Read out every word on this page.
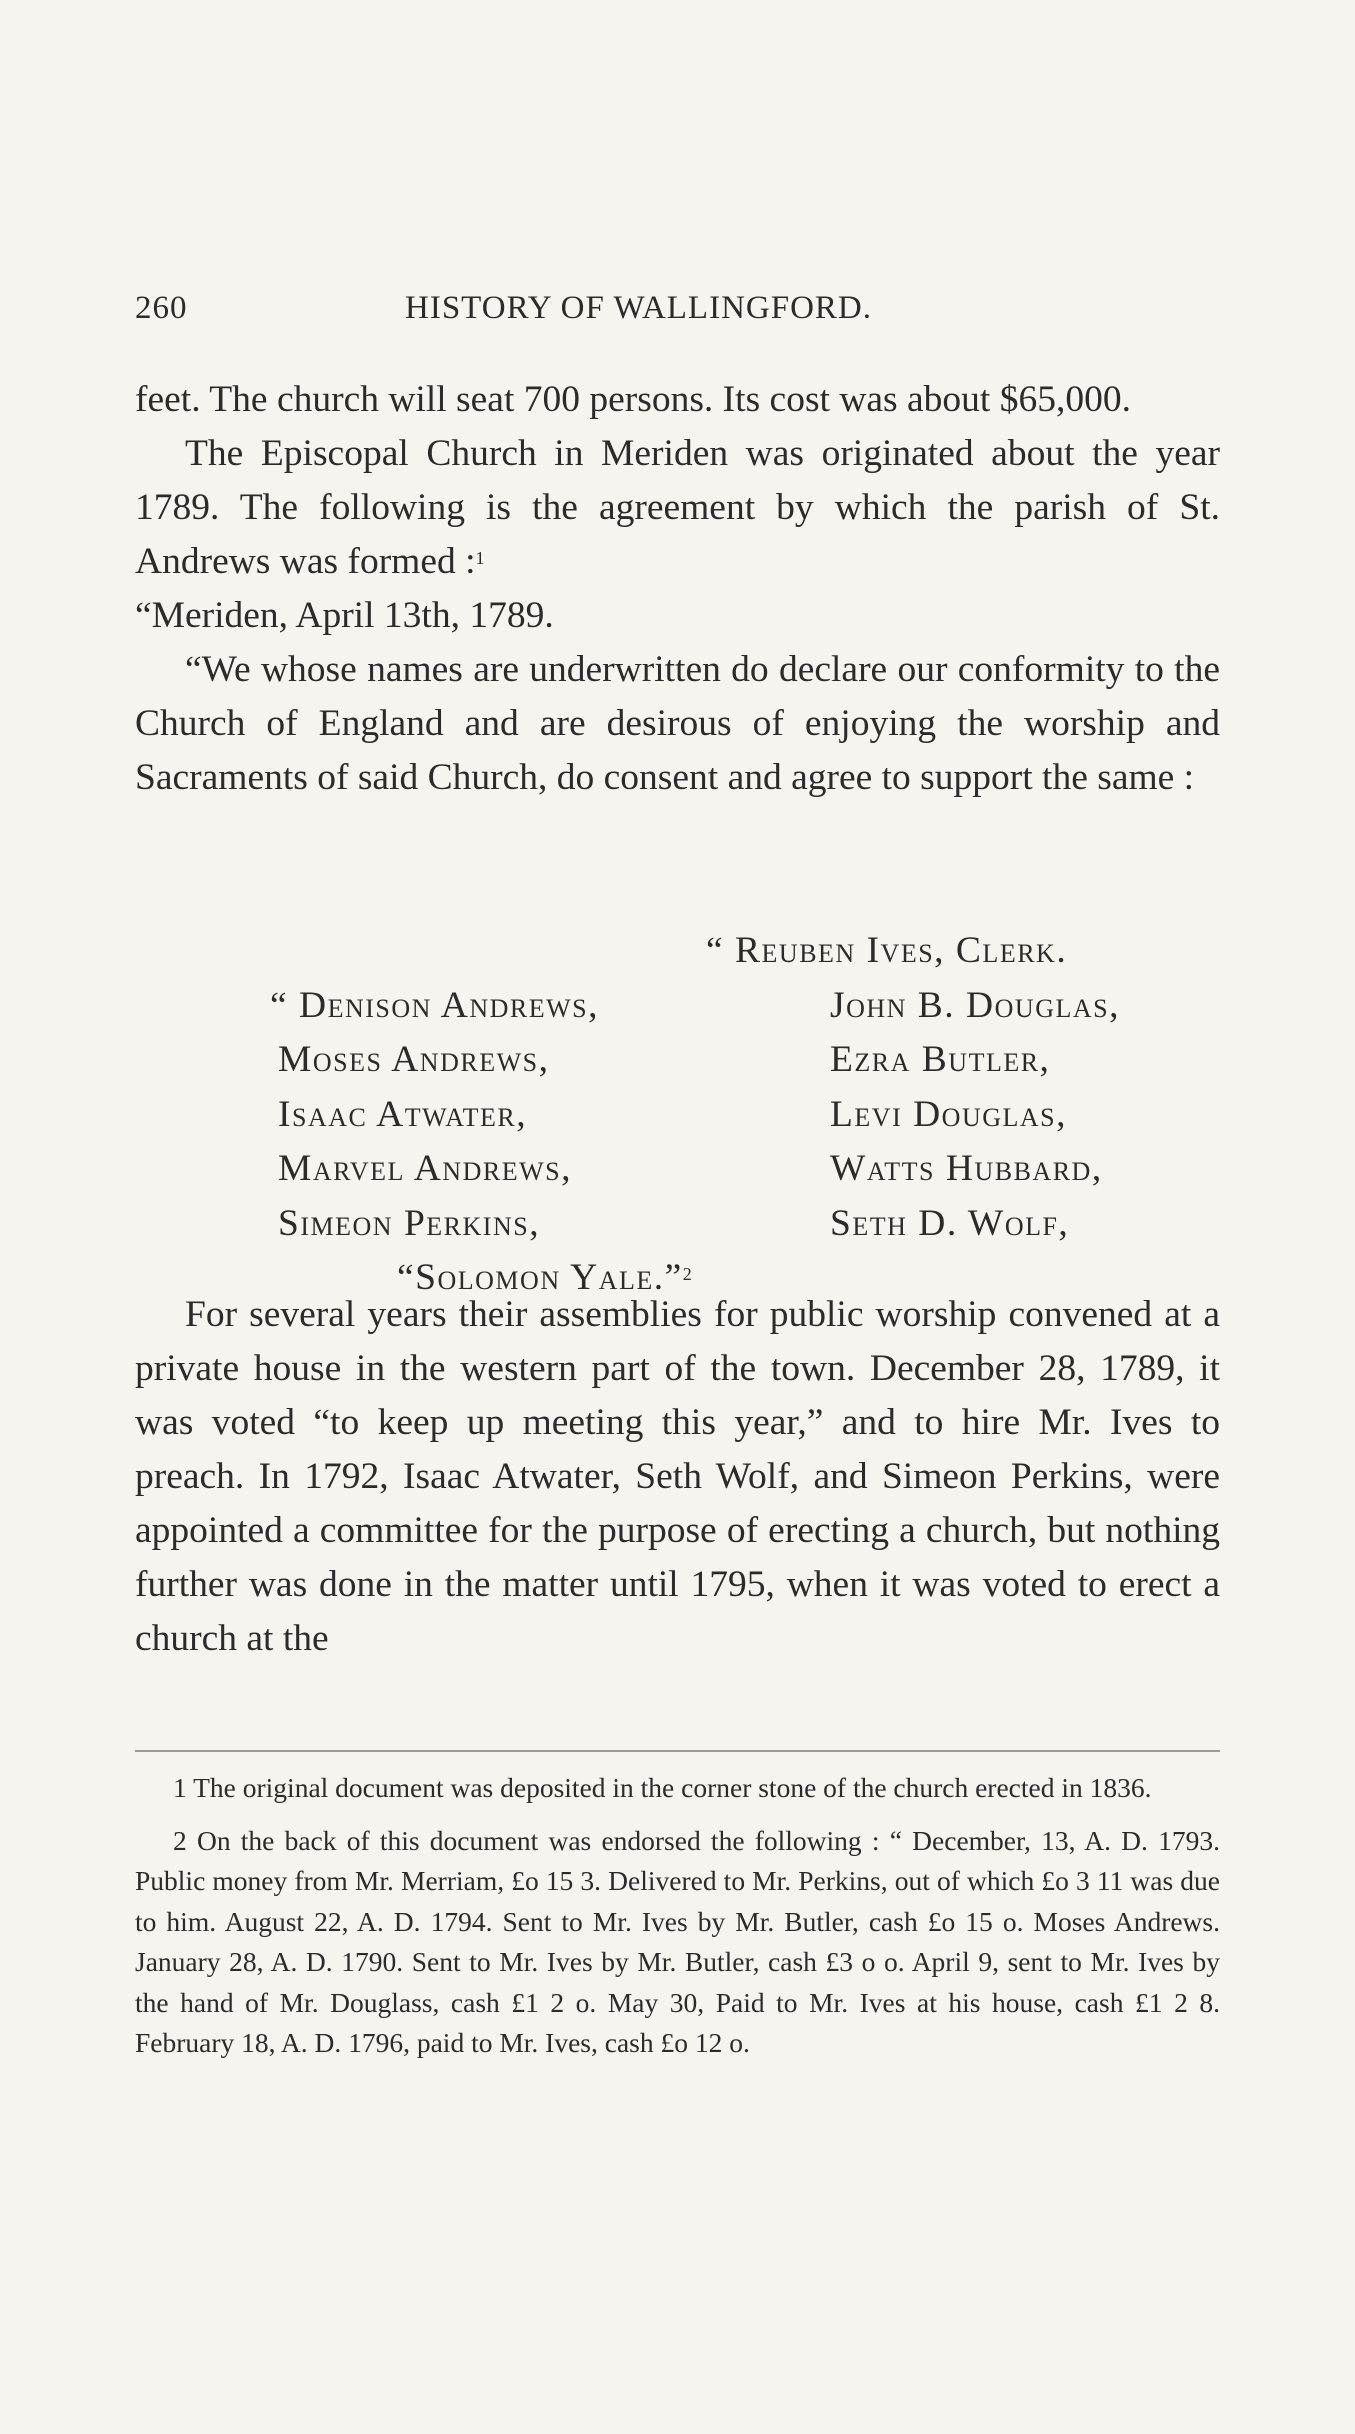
260	HISTORY OF WALLINGFORD.

feet. The church will seat 700 persons. Its cost was about $65,000.

The Episcopal Church in Meriden was originated about the year 1789. The following is the agreement by which the parish of St. Andrews was formed :$^1$

“Meriden, April 13th, 1789.

“We whose names are underwritten do declare our conformity to the Church of England and are desirous of enjoying the worship and Sacraments of said Church, do consent and agree to support the same :

“ Reuben Ives, Clerk.
“ Denison Andrews,	John B. Douglas,
Moses Andrews,	Ezra Butler,
Isaac Atwater,	Levi Douglas,
Marvel Andrews,	Watts Hubbard,
Simeon Perkins,	Seth D. Wolf,
“Solomon Yale.”$^2$

For several years their assemblies for public worship convened at a private house in the western part of the town. December 28, 1789, it was voted “to keep up meeting this year,” and to hire Mr. Ives to preach. In 1792, Isaac Atwater, Seth Wolf, and Simeon Perkins, were appointed a committee for the purpose of erecting a church, but nothing further was done in the matter until 1795, when it was voted to erect a church at the

1 The original document was deposited in the corner stone of the church erected in 1836.

2 On the back of this document was endorsed the following : “ December, 13, A. D. 1793. Public money from Mr. Merriam, £o 15 3. Delivered to Mr. Perkins, out of which £o 3 11 was due to him. August 22, A. D. 1794. Sent to Mr. Ives by Mr. Butler, cash £o 15 o. Moses Andrews. January 28, A. D. 1790. Sent to Mr. Ives by Mr. Butler, cash £3 o o. April 9, sent to Mr. Ives by the hand of Mr. Douglass, cash £1 2 o. May 30, Paid to Mr. Ives at his house, cash £1 2 8. February 18, A. D. 1796, paid to Mr. Ives, cash £o 12 o.
